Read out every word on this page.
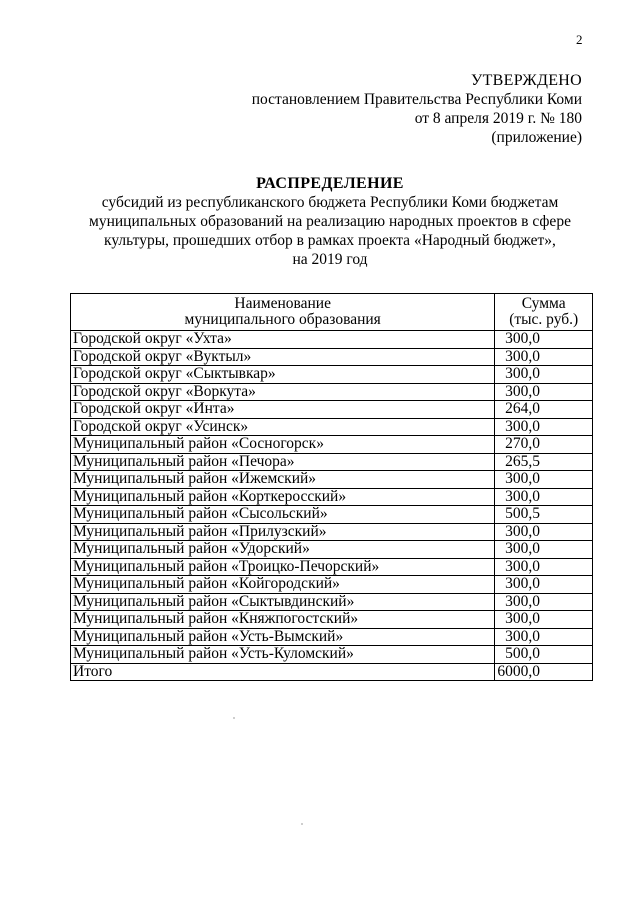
2
УТВЕРЖДЕНО
постановлением Правительства Республики Коми
от 8 апреля 2019 г. № 180
(приложение)
РАСПРЕДЕЛЕНИЕ
субсидий из республиканского бюджета Республики Коми бюджетам
муниципальных образований на реализацию народных проектов в сфере
культуры, прошедших отбор в рамках проекта «Народный бюджет»,
на 2019 год
Наименование
муниципального образования	Сумма
(тыс. руб.)

Городской округ «Ухта»	300,0
Городской округ «Вуктыл»	300,0
Городской округ «Сыктывкар»	300,0
Городской округ «Воркута»	300,0
Городской округ «Инта»	264,0
Городской округ «Усинск»	300,0
Муниципальный район «Сосногорск»	270,0
Муниципальный район «Печора»	265,5
Муниципальный район «Ижемский»	300,0
Муниципальный район «Корткеросский»	300,0
Муниципальный район «Сысольский»	500,5
Муниципальный район «Прилузский»	300,0
Муниципальный район «Удорский»	300,0
Муниципальный район «Троицко-Печорский»	300,0
Муниципальный район «Койгородский»	300,0
Муниципальный район «Сыктывдинский»	300,0
Муниципальный район «Княжпогостский»	300,0
Муниципальный район «Усть-Вымский»	300,0
Муниципальный район «Усть-Куломский»	500,0
Итого	6000,0
